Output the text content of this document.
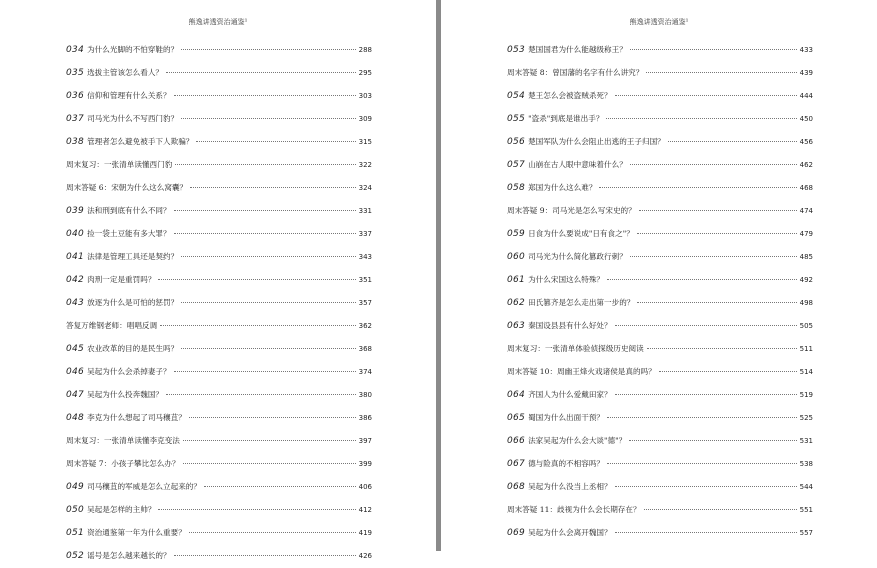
熊逸讲透资治通鉴¹
034 为什么光脚的不怕穿鞋的？	288
035 选拔主管该怎么看人？	295
036 信仰和管理有什么关系？	303
037 司马光为什么不写西门豹？	309
038 管理者怎么避免被手下人欺骗？	315
周末复习：一张清单读懂西门豹	322
周末答疑 6：宋朝为什么这么窝囊？	324
039 法和刑到底有什么不同？	331
040 捡一袋土豆能有多大罪？	337
041 法律是管理工具还是契约？	343
042 肉刑一定是重罚吗？	351
043 放逐为什么是可怕的惩罚？	357
答复万维钢老师：唱唱反调	362
045 农业改革的目的是民生吗？	368
046 吴起为什么会杀掉妻子？	374
047 吴起为什么投奔魏国？	380
048 李克为什么想起了司马穰苴？	386
周末复习：一张清单读懂李克变法	397
周末答疑 7：小孩子攀比怎么办？	399
049 司马穰苴的军威是怎么立起来的？	406
050 吴起是怎样的主帅？	412
051 资治通鉴第一年为什么重要？	419
052 谣号是怎么越来越长的？	426
熊逸讲透资治通鉴¹
053 楚国国君为什么能越级称王？	433
周末答疑 8：曾国藩的名字有什么讲究？	439
054 楚王怎么会被盗贼杀死？	444
055 "盗杀"到底是谁出手？	450
056 楚国军队为什么会阻止出逃的王子归国？	456
057 山崩在古人眼中意味着什么？	462
058 郑国为什么这么难？	468
周末答疑 9：司马光是怎么写宋史的？	474
059 日食为什么要说成"日有食之"？	479
060 司马光为什么简化篡政行刺？	485
061 为什么宋国这么特殊？	492
062 田氏篡齐是怎么走出第一步的？	498
063 秦国设县县有什么好处？	505
周末复习：一张清单体验侦探级历史阅读	511
周末答疑 10：周幽王烽火戏诸侯是真的吗？	514
064 齐国人为什么爱戴田家？	519
065 蜀国为什么出面干预？	525
066 法家吴起为什么会大谈"德"？	531
067 德与险真的不相容吗？	538
068 吴起为什么没当上丞相？	544
周末答疑 11：歧视为什么会长期存在？	551
069 吴起为什么会离开魏国？	557
